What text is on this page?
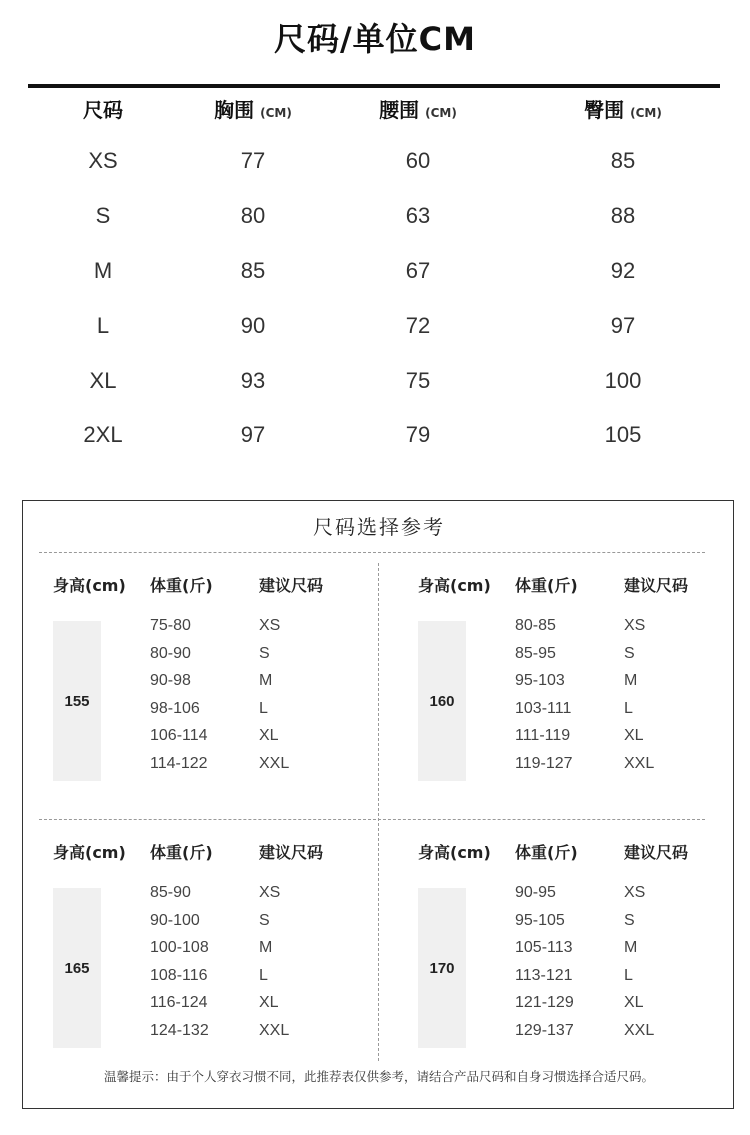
尺码/单位CM
尺码	胸围 (CM)	腰围 (CM)	臀围 (CM)
XS	77	60	85
S	80	63	88
M	85	67	92
L	90	72	97
XL	93	75	100
2XL	97	79	105
尺码选择参考
身高(cm) 体重(斤)	建议尺码
155
75-80	XS
80-90	S
90-98	M
98-106	L
106-114	XL
114-122	XXL
身高(cm) 体重(斤)	建议尺码
160
80-85	XS
85-95	S
95-103	M
103-111	L
111-119	XL
119-127	XXL
身高(cm) 体重(斤)	建议尺码
165
85-90	XS
90-100	S
100-108	M
108-116	L
116-124	XL
124-132	XXL
身高(cm) 体重(斤)	建议尺码
170
90-95	XS
95-105	S
105-113	M
113-121	L
121-129	XL
129-137	XXL
温馨提示：由于个人穿衣习惯不同，此推荐表仅供参考，请结合产品尺码和自身习惯选择合适尺码。
